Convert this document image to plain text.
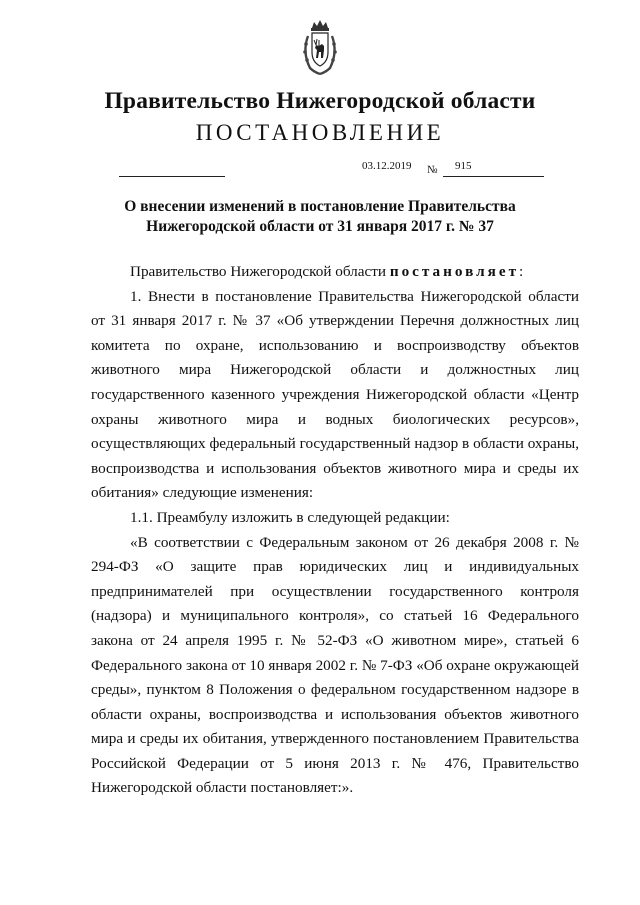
Правительство Нижегородской области
ПОСТАНОВЛЕНИЕ
03.12.2019 № 915
О внесении изменений в постановление Правительства
Нижегородской области от 31 января 2017 г. № 37

Правительство Нижегородской области постановляет:

1. Внести в постановление Правительства Нижегородской области от 31 января 2017 г. № 37 «Об утверждении Перечня должностных лиц комитета по охране, использованию и воспроизводству объектов животного мира Нижегородской области и должностных лиц государственного казенного учреждения Нижегородской области «Центр охраны животного мира и водных биологических ресурсов», осуществляющих федеральный государственный надзор в области охраны, воспроизводства и использования объектов животного мира и среды их обитания» следующие изменения:

1.1. Преамбулу изложить в следующей редакции:

«В соответствии с Федеральным законом от 26 декабря 2008 г. № 294-ФЗ «О защите прав юридических лиц и индивидуальных предпринимателей при осуществлении государственного контроля (надзора) и муниципального контроля», со статьей 16 Федерального закона от 24 апреля 1995 г. № 52-ФЗ «О животном мире», статьей 6 Федерального закона от 10 января 2002 г. № 7-ФЗ «Об охране окружающей среды», пунктом 8 Положения о федеральном государственном надзоре в области охраны, воспроизводства и использования объектов животного мира и среды их обитания, утвержденного постановлением Правительства Российской Федерации от 5 июня 2013 г. № 476, Правительство Нижегородской области постановляет:».
